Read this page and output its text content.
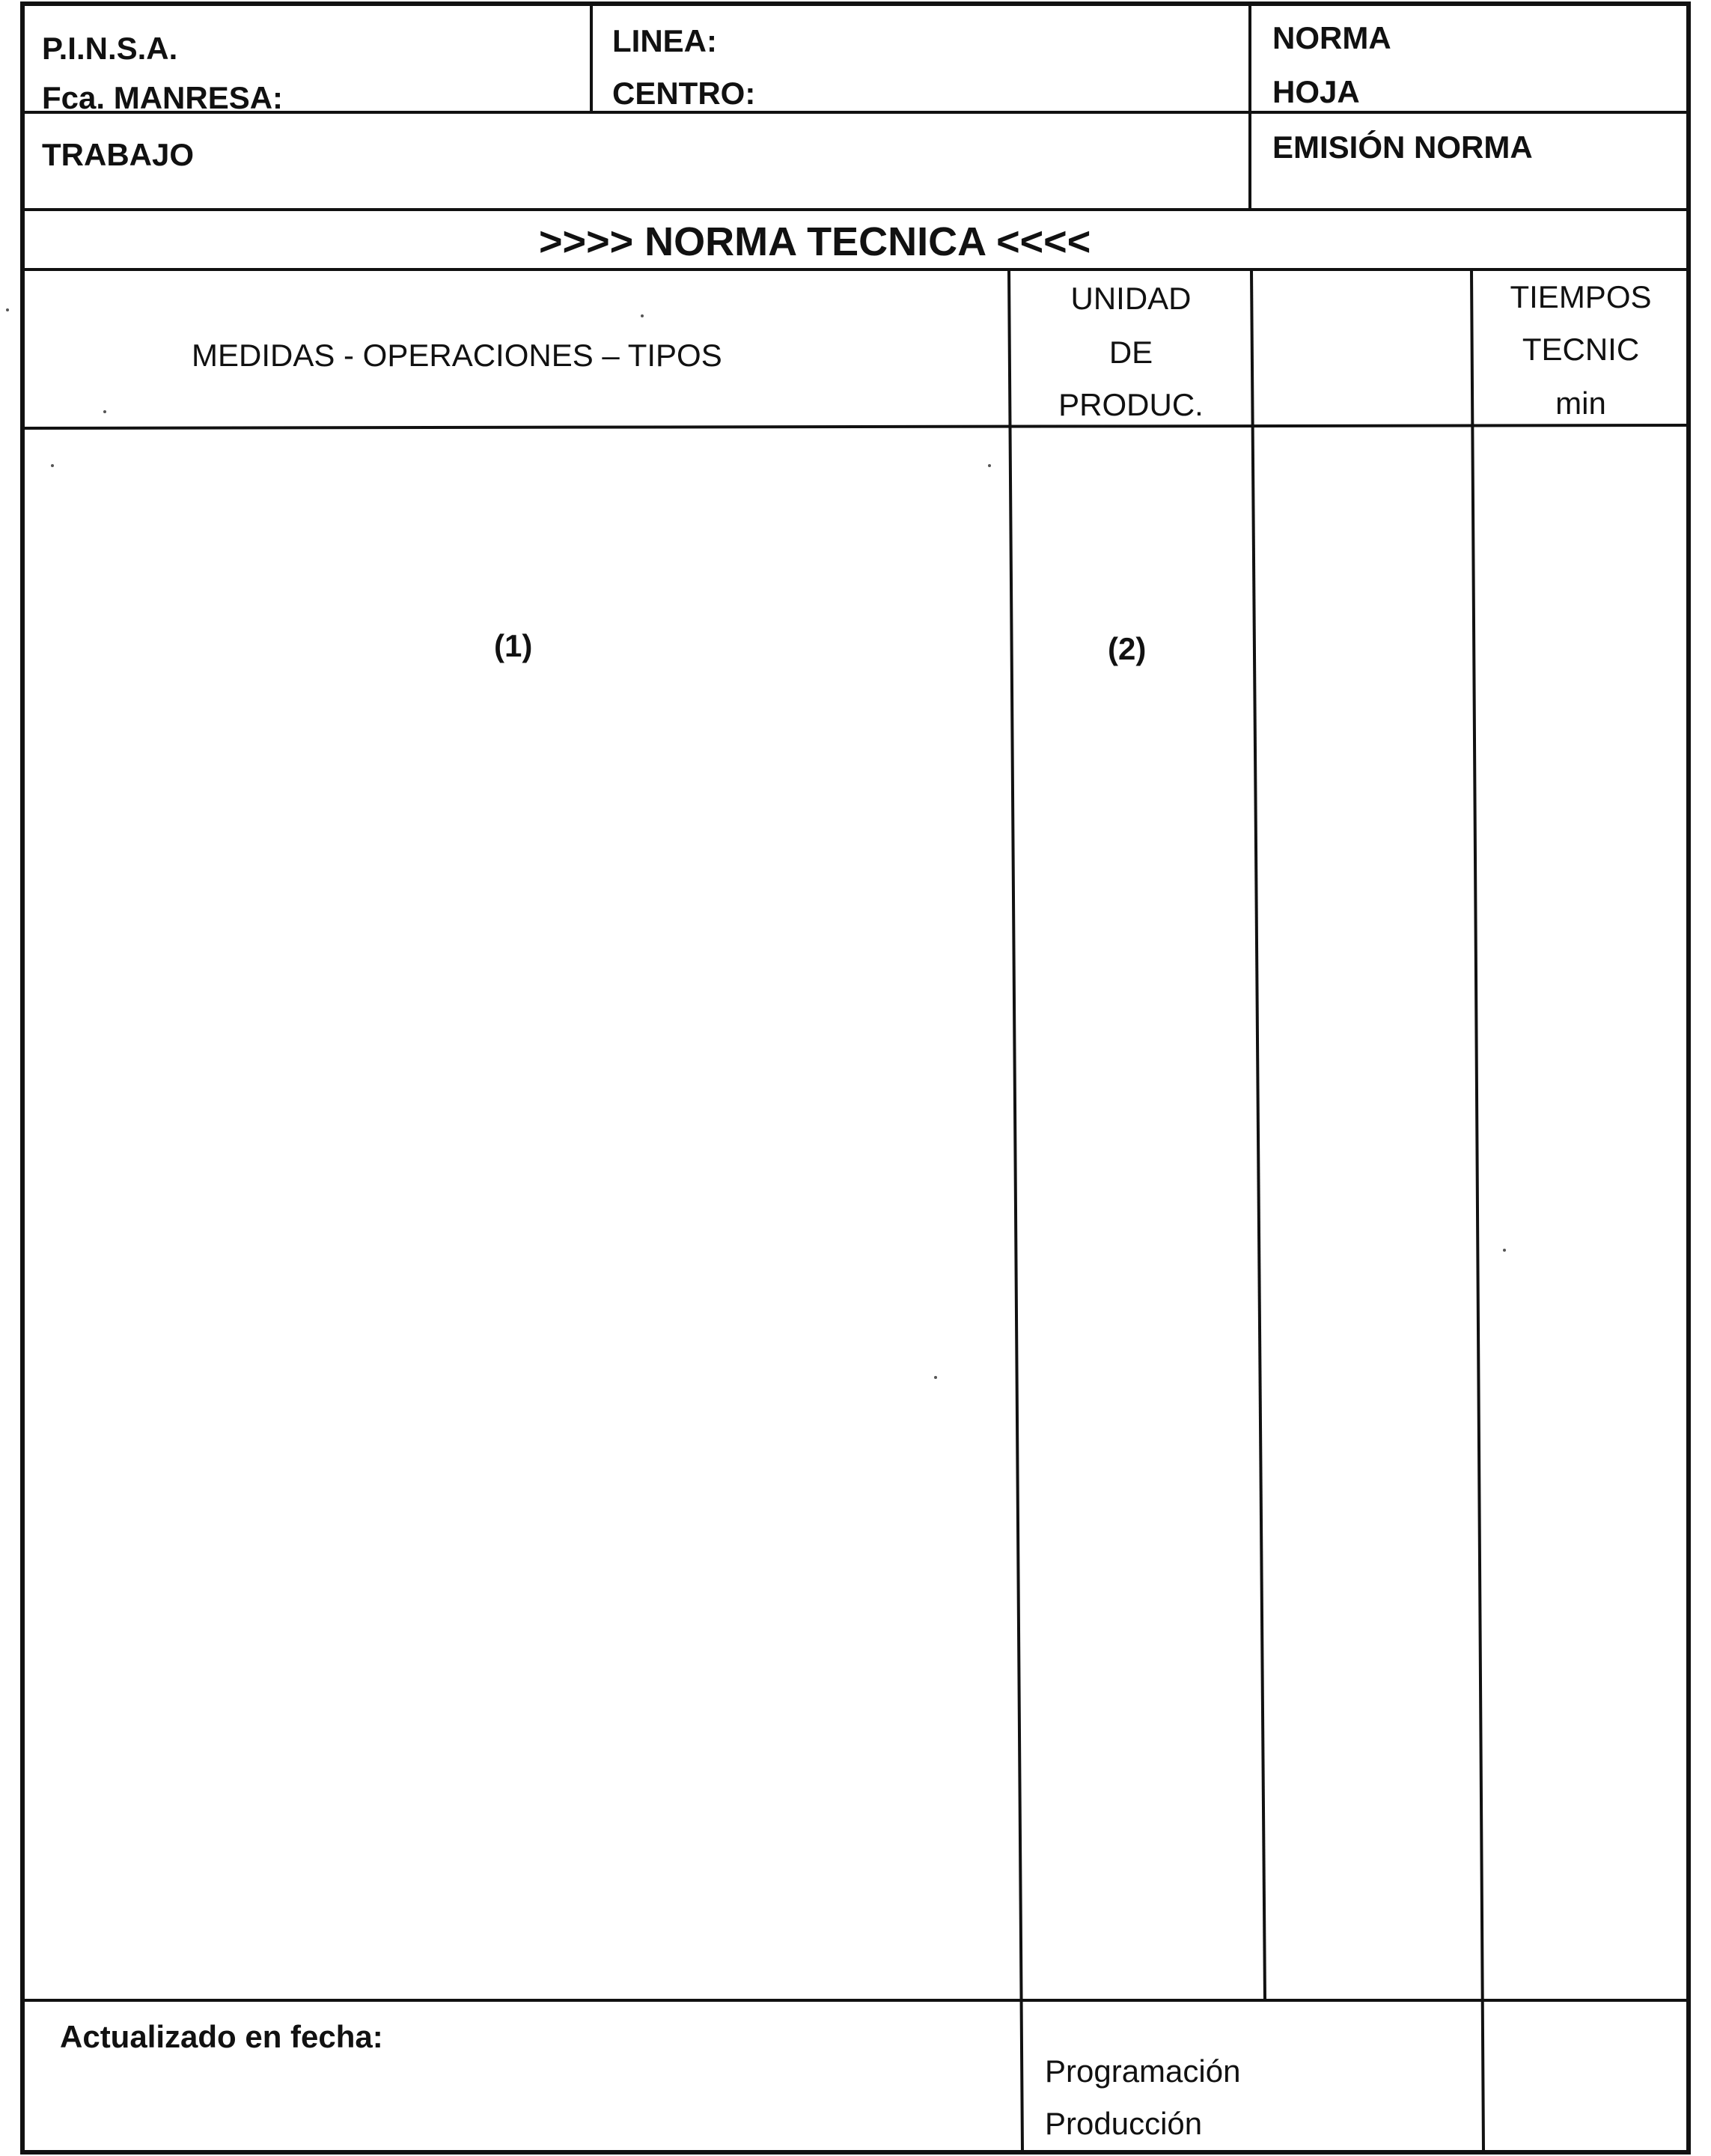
P.I.N.S.A.
Fca. MANRESA:
LINEA:
CENTRO:
NORMA
HOJA
TRABAJO	EMISIÓN NORMA
>>>> NORMA TECNICA <<<<
MEDIDAS - OPERACIONES – TIPOS
UNIDAD
DE
PRODUC.
TIEMPOS
TECNIC
min
(1)	(2)
Actualizado en fecha:
Programación
Producción
